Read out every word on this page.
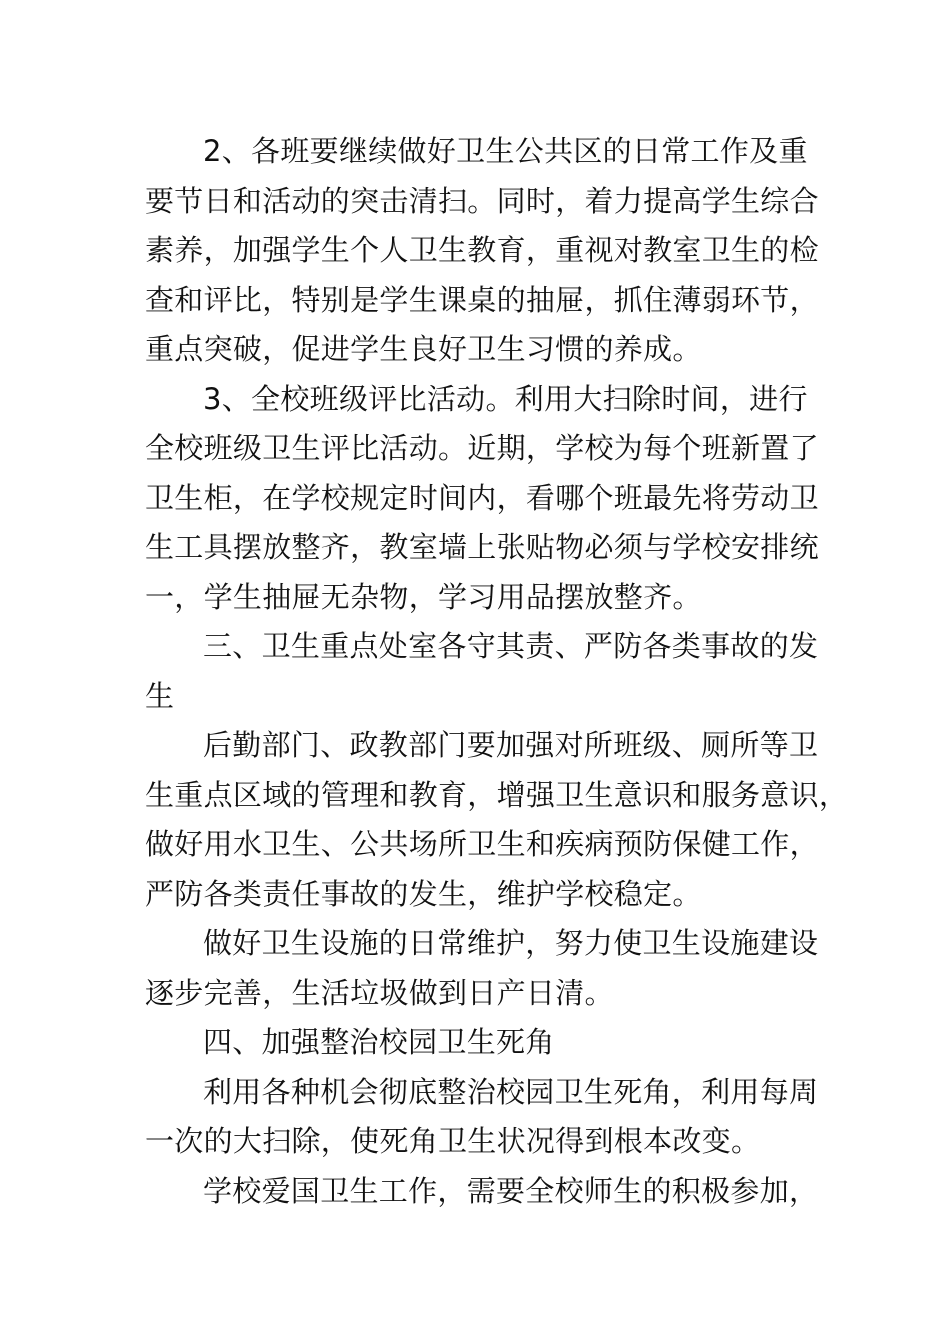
2、各班要继续做好卫生公共区的日常工作及重
要节日和活动的突击清扫。同时，着力提高学生综合
素养，加强学生个人卫生教育，重视对教室卫生的检
查和评比，特别是学生课桌的抽屉，抓住薄弱环节，
重点突破，促进学生良好卫生习惯的养成。
3、全校班级评比活动。利用大扫除时间，进行
全校班级卫生评比活动。近期，学校为每个班新置了
卫生柜，在学校规定时间内，看哪个班最先将劳动卫
生工具摆放整齐，教室墙上张贴物必须与学校安排统
一，学生抽屉无杂物，学习用品摆放整齐。
三、卫生重点处室各守其责、严防各类事故的发
生
后勤部门、政教部门要加强对所班级、厕所等卫
生重点区域的管理和教育，增强卫生意识和服务意识，
做好用水卫生、公共场所卫生和疾病预防保健工作，
严防各类责任事故的发生，维护学校稳定。
做好卫生设施的日常维护，努力使卫生设施建设
逐步完善，生活垃圾做到日产日清。
四、加强整治校园卫生死角
利用各种机会彻底整治校园卫生死角，利用每周
一次的大扫除，使死角卫生状况得到根本改变。
学校爱国卫生工作，需要全校师生的积极参加，
